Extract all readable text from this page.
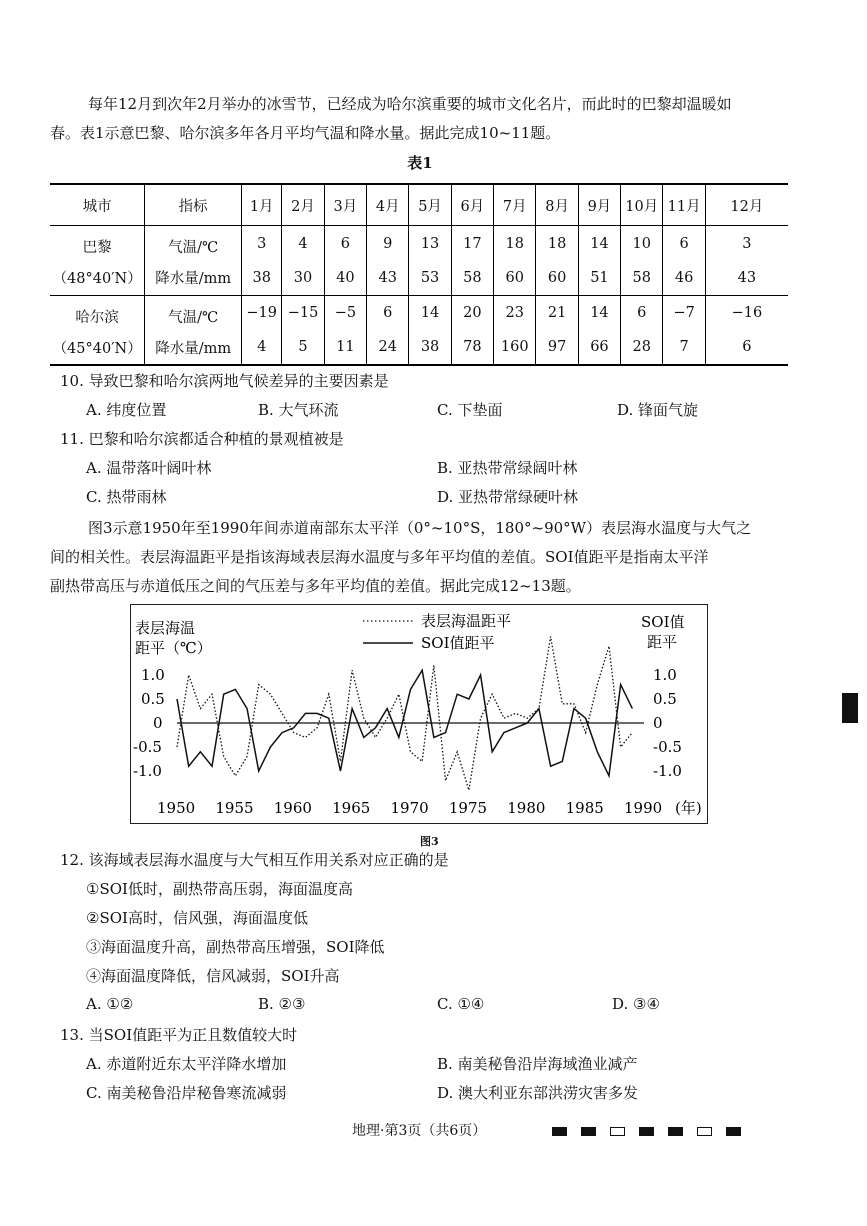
每年12月到次年2月举办的冰雪节，已经成为哈尔滨重要的城市文化名片，而此时的巴黎却温暖如
春。表1示意巴黎、哈尔滨多年各月平均气温和降水量。据此完成10~11题。
表1
城市	指标	1月	2月	3月	4月	5月	6月	7月	8月	9月	10月	11月	12月
巴黎	气温/℃	3	4	6	9	13	17	18	18	14	10	6	3
（48°40′N）	降水量/mm	38	30	40	43	53	58	60	60	51	58	46	43
哈尔滨	气温/℃	−19	−15	−5	6	14	20	23	21	14	6	−7	−16
（45°40′N）	降水量/mm	4	5	11	24	38	78	160	97	66	28	7	6
10. 导致巴黎和哈尔滨两地气候差异的主要因素是
A. 纬度位置	B. 大气环流	C. 下垫面	D. 锋面气旋
11. 巴黎和哈尔滨都适合种植的景观植被是
A. 温带落叶阔叶林	B. 亚热带常绿阔叶林
C. 热带雨林	D. 亚热带常绿硬叶林
图3示意1950年至1990年间赤道南部东太平洋（0°~10°S，180°~90°W）表层海水温度与大气之
间的相关性。表层海温距平是指该海域表层海水温度与多年平均值的差值。SOI值距平是指南太平洋
副热带高压与赤道低压之间的气压差与多年平均值的差值。据此完成12~13题。
表层海温
距平（℃）
SOI值
距平
1.0
0.5
0
-0.5
-1.0
1.0
0.5
0
-0.5
-1.0
1950 1955 1960 1965 1970 1975 1980 1985 1990 (年)
表层海温距平
SOI值距平
图3
12. 该海域表层海水温度与大气相互作用关系对应正确的是
①SOI低时，副热带高压弱，海面温度高
②SOI高时，信风强，海面温度低
③海面温度升高，副热带高压增强，SOI降低
④海面温度降低，信风减弱，SOI升高
A. ①②	B. ②③	C. ①④	D. ③④
13. 当SOI值距平为正且数值较大时
A. 赤道附近东太平洋降水增加	B. 南美秘鲁沿岸海域渔业减产
C. 南美秘鲁沿岸秘鲁寒流减弱	D. 澳大利亚东部洪涝灾害多发
地理·第3页（共6页）
